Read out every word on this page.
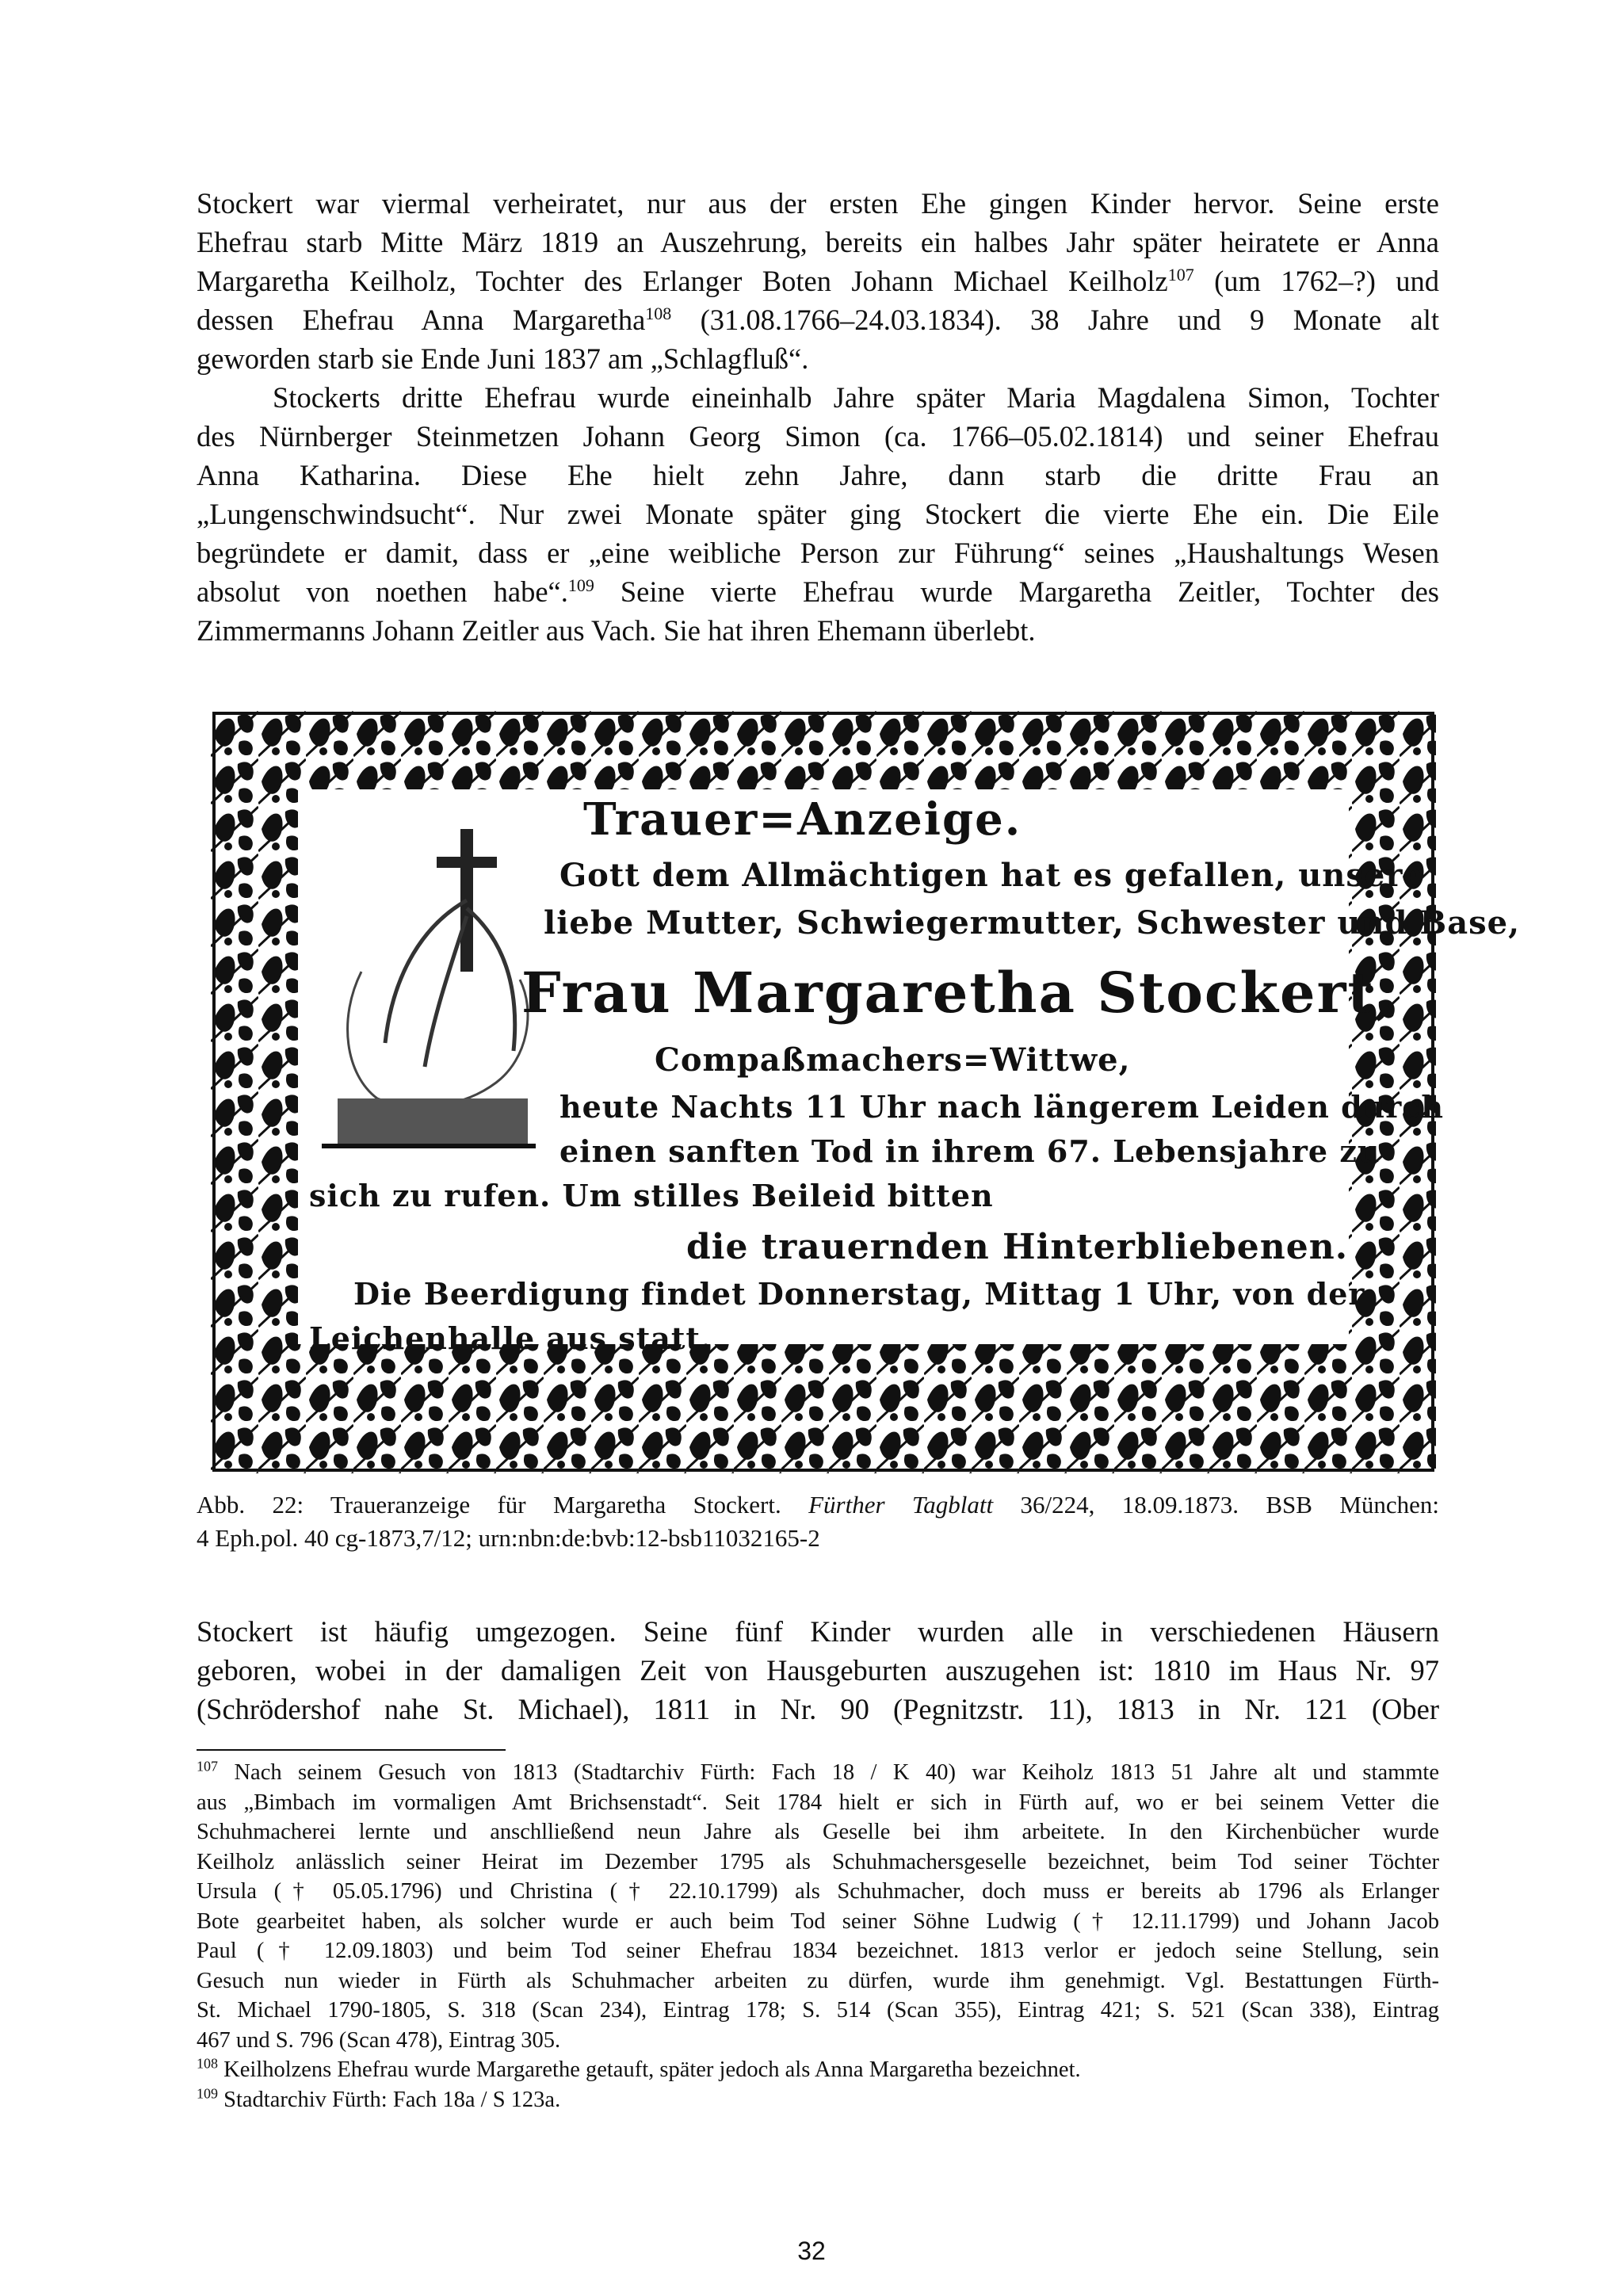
Stockert war viermal verheiratet, nur aus der ersten Ehe gingen Kinder hervor. Seine erste
Ehefrau starb Mitte März 1819 an Auszehrung, bereits ein halbes Jahr später heiratete er Anna
Margaretha Keilholz, Tochter des Erlanger Boten Johann Michael Keilholz$^{107}$ (um 1762–?) und
dessen Ehefrau Anna Margaretha$^{108}$ (31.08.1766–24.03.1834). 38 Jahre und 9 Monate alt
geworden starb sie Ende Juni 1837 am „Schlagfluß“.
Stockerts dritte Ehefrau wurde eineinhalb Jahre später Maria Magdalena Simon, Tochter
des Nürnberger Steinmetzen Johann Georg Simon (ca. 1766–05.02.1814) und seiner Ehefrau
Anna Katharina. Diese Ehe hielt zehn Jahre, dann starb die dritte Frau an
„Lungenschwindsucht“. Nur zwei Monate später ging Stockert die vierte Ehe ein. Die Eile
begründete er damit, dass er „eine weibliche Person zur Führung“ seines „Haushaltungs Wesen
absolut von noethen habe“.$^{109}$ Seine vierte Ehefrau wurde Margaretha Zeitler, Tochter des
Zimmermanns Johann Zeitler aus Vach. Sie hat ihren Ehemann überlebt.
Trauer=Anzeige.
Gott dem Allmächtigen hat es gefallen, unsere
liebe Mutter, Schwiegermutter, Schwester und Base,
Frau Margaretha Stockert,
Compaßmachers=Wittwe,
heute Nachts 11 Uhr nach längerem Leiden durch
einen sanften Tod in ihrem 67. Lebensjahre zu
sich zu rufen. Um stilles Beileid bitten
die trauernden Hinterbliebenen.
Die Beerdigung findet Donnerstag, Mittag 1 Uhr, von der
Leichenhalle aus statt.
Abb. 22: Traueranzeige für Margaretha Stockert. Fürther Tagblatt 36/224, 18.09.1873. BSB München:
4 Eph.pol. 40 cg-1873,7/12; urn:nbn:de:bvb:12-bsb11032165-2
Stockert ist häufig umgezogen. Seine fünf Kinder wurden alle in verschiedenen Häusern
geboren, wobei in der damaligen Zeit von Hausgeburten auszugehen ist: 1810 im Haus Nr. 97
(Schrödershof nahe St. Michael), 1811 in Nr. 90 (Pegnitzstr. 11), 1813 in Nr. 121 (Ober
$^{107}$ Nach seinem Gesuch von 1813 (Stadtarchiv Fürth: Fach 18 / K 40) war Keiholz 1813 51 Jahre alt und stammte
aus „Bimbach im vormaligen Amt Brichsenstadt“. Seit 1784 hielt er sich in Fürth auf, wo er bei seinem Vetter die
Schuhmacherei lernte und anschlließend neun Jahre als Geselle bei ihm arbeitete. In den Kirchenbücher wurde
Keilholz anlässlich seiner Heirat im Dezember 1795 als Schuhmachersgeselle bezeichnet, beim Tod seiner Töchter
Ursula († 05.05.1796) und Christina († 22.10.1799) als Schuhmacher, doch muss er bereits ab 1796 als Erlanger
Bote gearbeitet haben, als solcher wurde er auch beim Tod seiner Söhne Ludwig († 12.11.1799) und Johann Jacob
Paul († 12.09.1803) und beim Tod seiner Ehefrau 1834 bezeichnet. 1813 verlor er jedoch seine Stellung, sein
Gesuch nun wieder in Fürth als Schuhmacher arbeiten zu dürfen, wurde ihm genehmigt. Vgl. Bestattungen Fürth-
St. Michael 1790-1805, S. 318 (Scan 234), Eintrag 178; S. 514 (Scan 355), Eintrag 421; S. 521 (Scan 338), Eintrag
467 und S. 796 (Scan 478), Eintrag 305.
$^{108}$ Keilholzens Ehefrau wurde Margarethe getauft, später jedoch als Anna Margaretha bezeichnet.
$^{109}$ Stadtarchiv Fürth: Fach 18a / S 123a.
32
